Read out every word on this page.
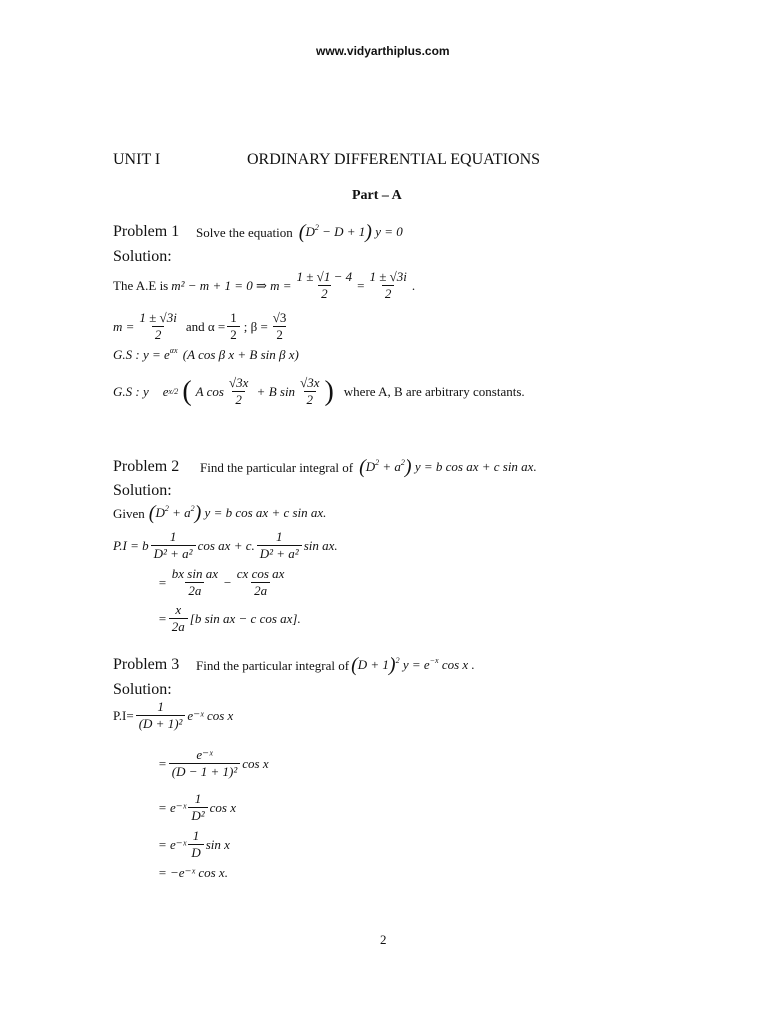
www.vidyarthiplus.com
UNIT I	ORDINARY DIFFERENTIAL EQUATIONS
Part – A
Problem 1 Solve the equation $(D^2 - D + 1) y = 0$
Solution:
The A.E is m² − m + 1 = 0 ⇒ $m = \frac{1 \pm √1 - 4}{2} = \frac{1 \pm √3i}{2}$ .
$m = \frac{1 \pm √3i}{2}$ and $\alpha = \frac{1}{2}$ ; $\beta = \frac{√3}{2}$
G.S : $y = e^{\alpha x}$ (A cos β x + B sin β x)
G.S : y e x/2 ( A $\cos \frac{√3x}{2} + B$ $\sin \frac{√3x}{2}$ ) where A, B are arbitrary constants.
Problem 2 Find the particular integral of $(D^2 + a^2) y = b$ cos ax + c sin ax.
Solution:
Given $(D^2 + a^2) y = b$ cos ax + c sin ax.
P.I = b $\frac{1}{\text{D² + a²}}$ cos ax + c. $\frac{1}{\text{D² + a²}}$ sin ax.
= $\frac{\text{bx sin ax}}{2a} - \frac{\text{cx cos ax}}{2a}$
= $\frac{x}{2a} [b$ sin ax − c cos ax].
Problem 3 Find the particular integral of $(D + 1)^2$ $y = e^{-x}$ cos x .
Solution:
$P.I= \frac{1}{\text{(D + 1)²}}$ e⁻ˣ cos x
= $\frac{\text{e⁻ˣ}}{\text{(D − 1 + 1)²}}$ cos x
= e⁻ˣ $\frac{1}{\text{D²}}$ cos x
= e⁻ˣ $\frac{1}{D}$ sin x
= −e⁻ˣ cos x.
2
